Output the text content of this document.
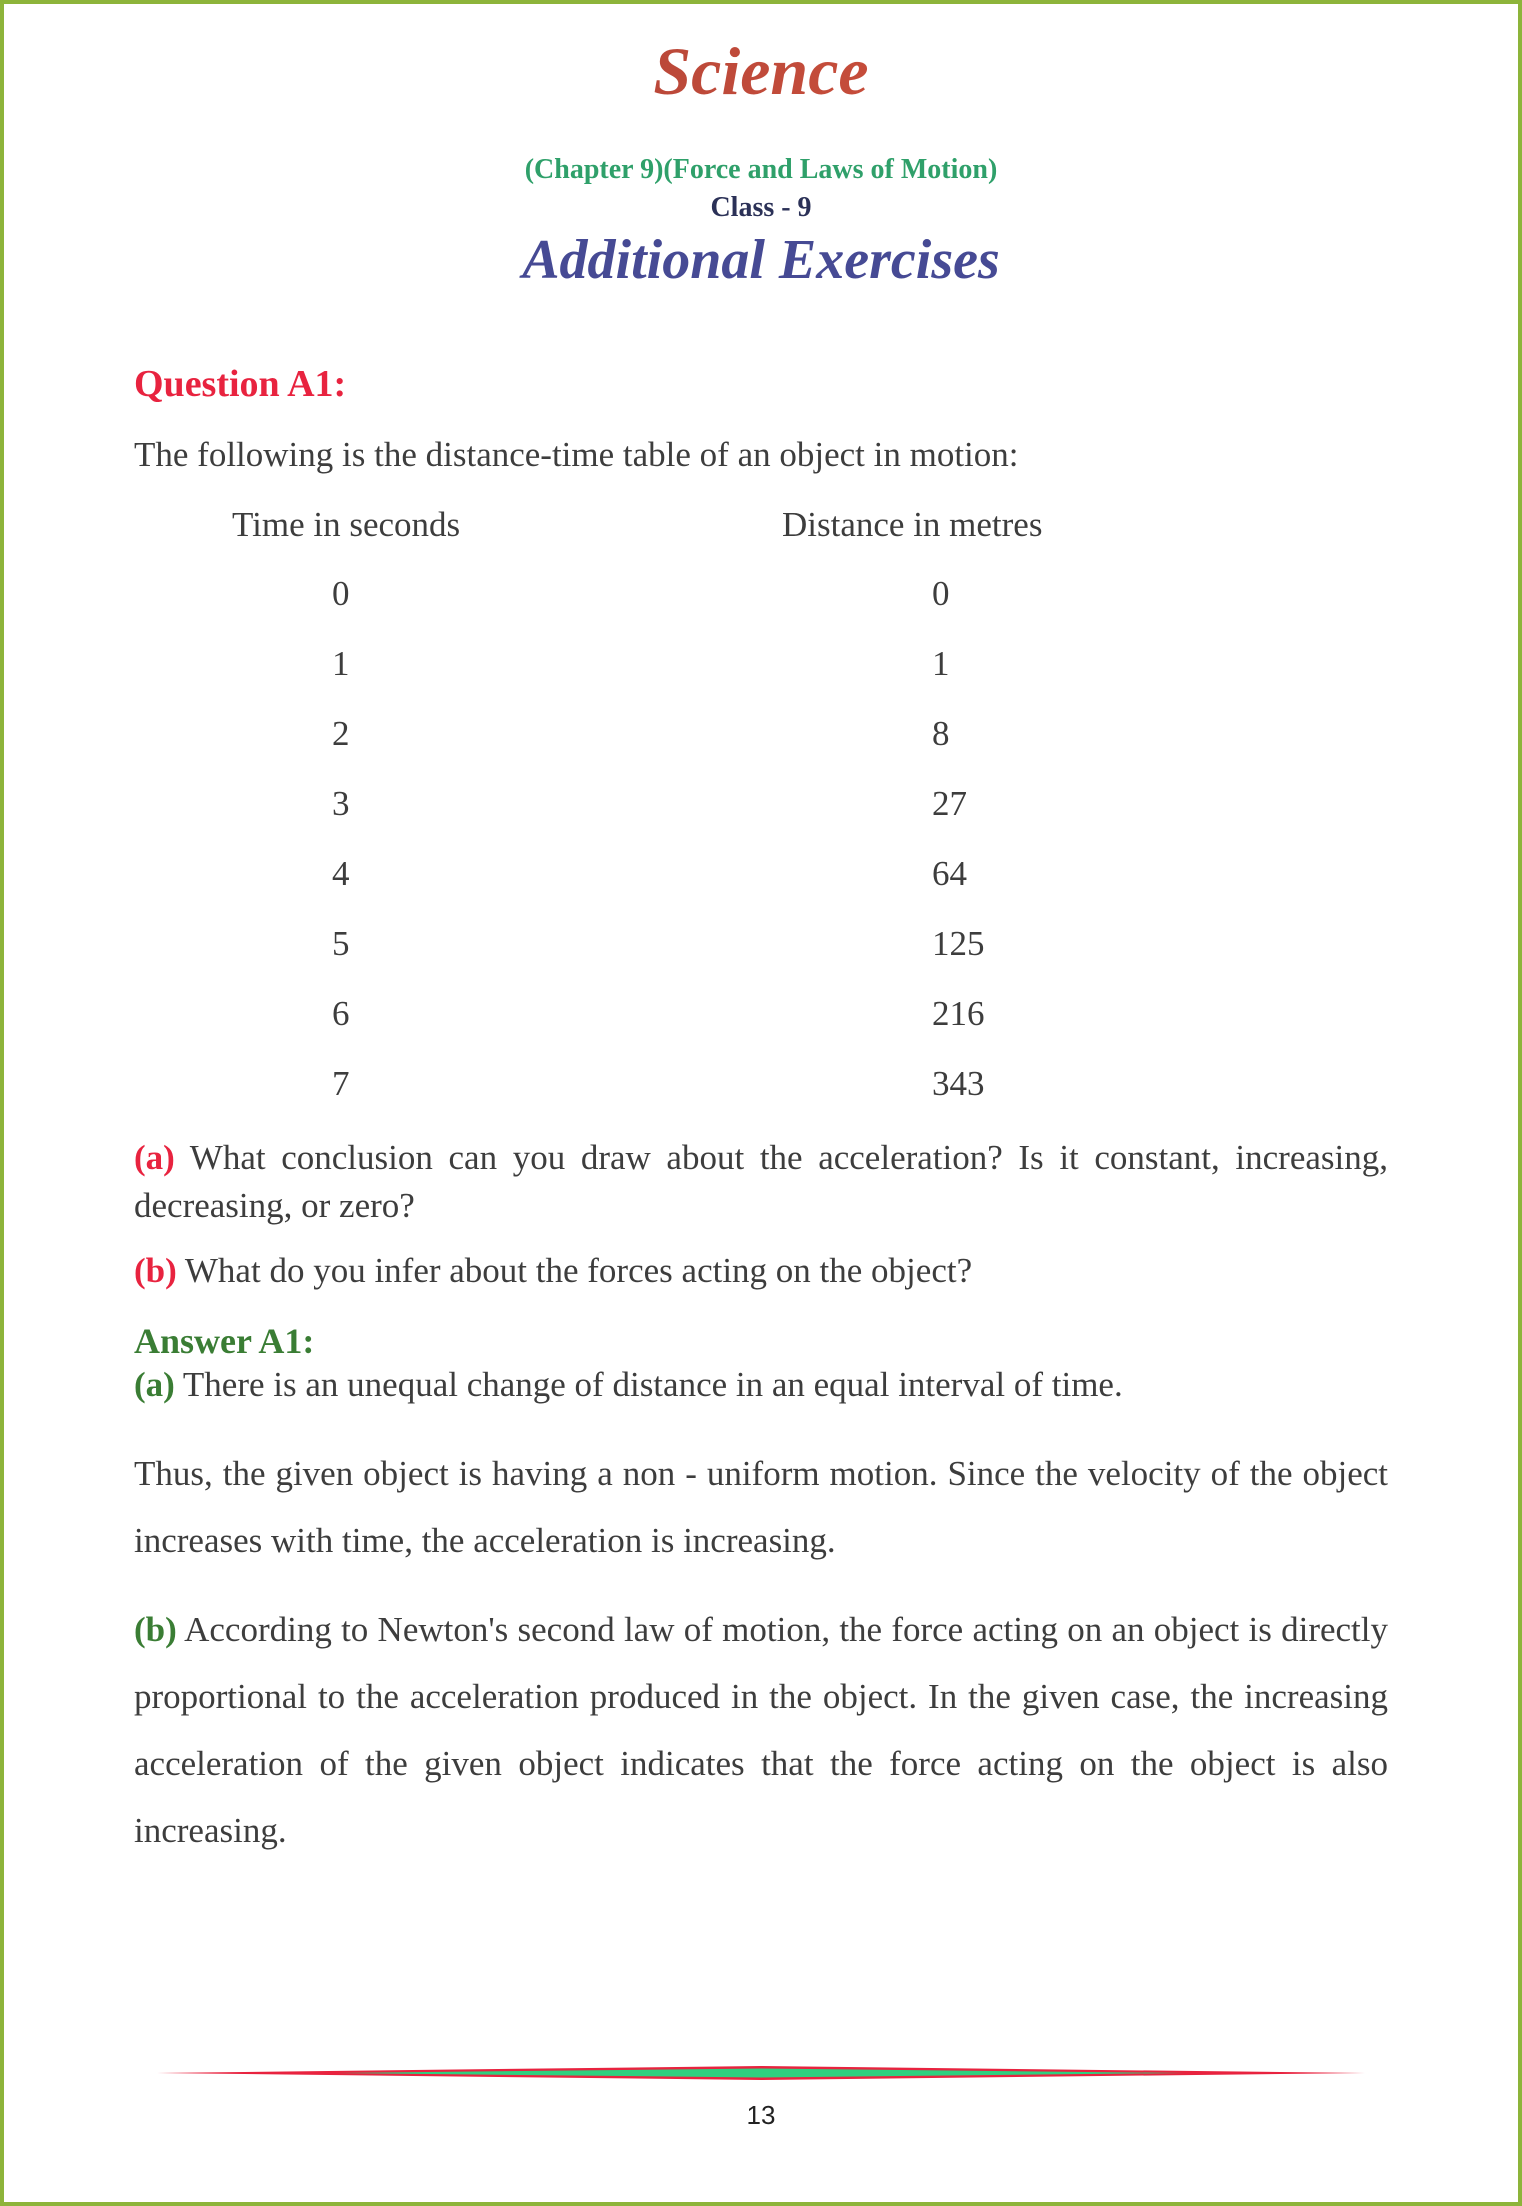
Science
(Chapter 9)(Force and Laws of Motion)
Class - 9
Additional Exercises
Question A1:
The following is the distance-time table of an object in motion:
Time in seconds	Distance in metres
0	0
1	1
2	8
3	27
4	64
5	125
6	216
7	343
(a) What conclusion can you draw about the acceleration? Is it constant, increasing, decreasing, or zero?
(b) What do you infer about the forces acting on the object?
Answer A1:
(a) There is an unequal change of distance in an equal interval of time.
Thus, the given object is having a non - uniform motion. Since the velocity of the object increases with time, the acceleration is increasing.
(b) According to Newton's second law of motion, the force acting on an object is directly proportional to the acceleration produced in the object. In the given case, the increasing acceleration of the given object indicates that the force acting on the object is also increasing.
13
